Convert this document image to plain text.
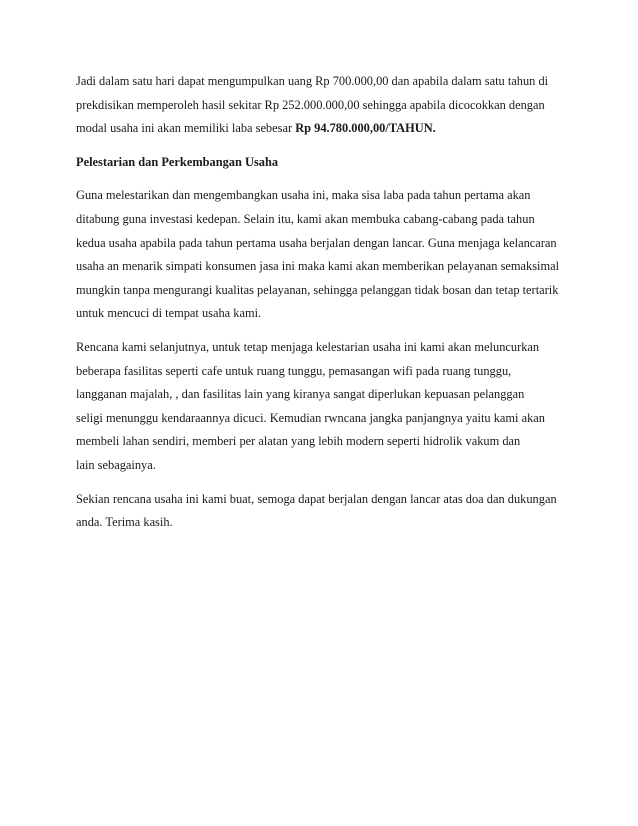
Jadi dalam satu hari dapat mengumpulkan uang Rp 700.000,00 dan apabila dalam satu tahun di
prekdisikan memperoleh hasil sekitar Rp 252.000.000,00 sehingga apabila dicocokkan dengan
modal usaha ini akan memiliki laba sebesar Rp 94.780.000,00/TAHUN.
Pelestarian dan Perkembangan Usaha
Guna melestarikan dan mengembangkan usaha ini, maka sisa laba pada tahun pertama akan
ditabung guna investasi kedepan. Selain itu, kami akan membuka cabang-cabang pada tahun
kedua usaha apabila pada tahun pertama usaha berjalan dengan lancar. Guna menjaga kelancaran
usaha an menarik simpati konsumen jasa ini maka kami akan memberikan pelayanan semaksimal
mungkin tanpa mengurangi kualitas pelayanan, sehingga pelanggan tidak bosan dan tetap tertarik
untuk mencuci di tempat usaha kami.
Rencana kami selanjutnya, untuk tetap menjaga kelestarian usaha ini kami akan meluncurkan
beberapa fasilitas seperti cafe untuk ruang tunggu, pemasangan wifi pada ruang tunggu,
langganan majalah, , dan fasilitas lain yang kiranya sangat diperlukan kepuasan pelanggan
seligi menunggu kendaraannya dicuci. Kemudian rwncana jangka panjangnya yaitu kami akan
membeli lahan sendiri, memberi per alatan yang lebih modern seperti hidrolik vakum dan
lain sebagainya.
Sekian rencana usaha ini kami buat, semoga dapat berjalan dengan lancar atas doa dan dukungan
anda. Terima kasih.
